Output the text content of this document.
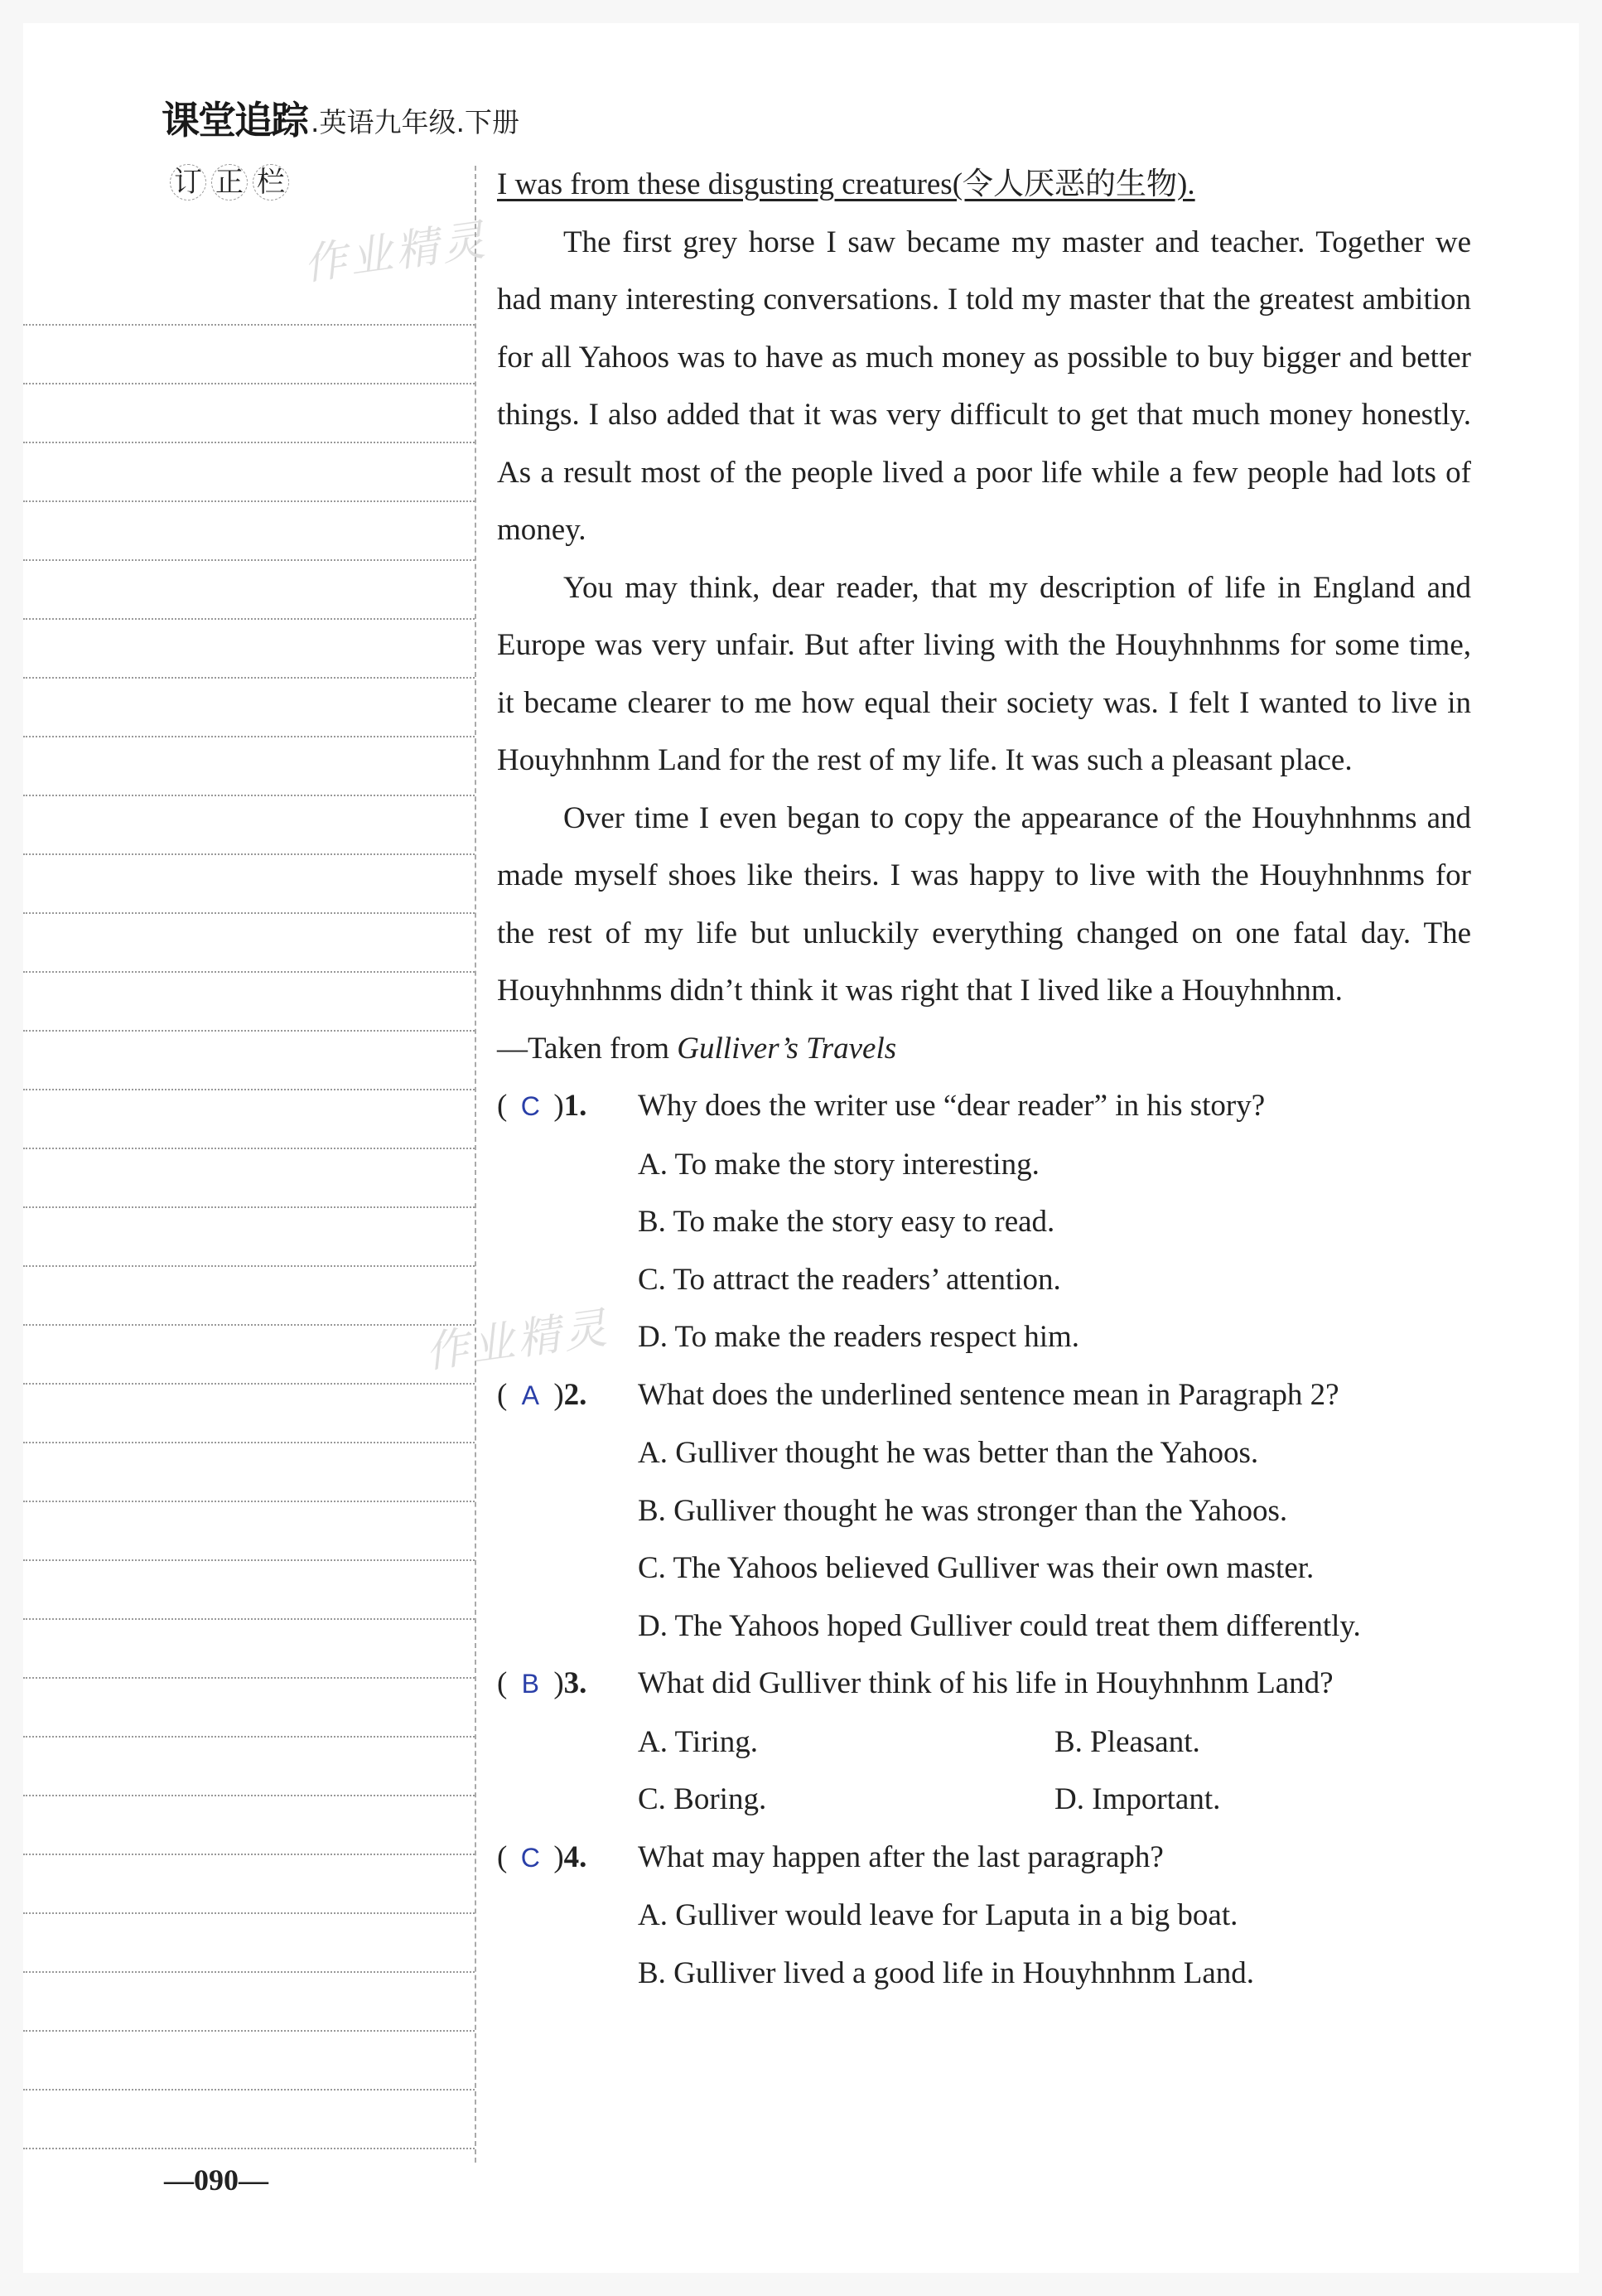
课堂追踪 .英语九年级.下册
订 正 栏
作业精灵
作业精灵

I was from these disgusting creatures(令人厌恶的生物).

The first grey horse I saw became my master and teacher. Together we had many interesting conversations. I told my master that the greatest ambition for all Yahoos was to have as much money as possible to buy bigger and better things. I also added that it was very difficult to get that much money honestly. As a result most of the people lived a poor life while a few people had lots of money.

You may think, dear reader, that my description of life in England and Europe was very unfair. But after living with the Houyhnhnms for some time, it became clearer to me how equal their society was. I felt I wanted to live in Houyhnhnm Land for the rest of my life. It was such a pleasant place.

Over time I even began to copy the appearance of the Houyhnhnms and made myself shoes like theirs. I was happy to live with the Houyhnhnms for the rest of my life but unluckily everything changed on one fatal day. The Houyhnhnms didn’t think it was right that I lived like a Houyhnhnm.

—Taken from Gulliver’s Travels

( C )1.	Why does the writer use “dear reader” in his story?
A. To make the story interesting.
B. To make the story easy to read.
C. To attract the readers’ attention.
D. To make the readers respect him.
( A )2.	What does the underlined sentence mean in Paragraph 2?
A. Gulliver thought he was better than the Yahoos.
B. Gulliver thought he was stronger than the Yahoos.
C. The Yahoos believed Gulliver was their own master.
D. The Yahoos hoped Gulliver could treat them differently.
( B )3.	What did Gulliver think of his life in Houyhnhnm Land?
A. Tiring.	B. Pleasant.
C. Boring.	D. Important.
( C )4.	What may happen after the last paragraph?
A. Gulliver would leave for Laputa in a big boat.
B. Gulliver lived a good life in Houyhnhnm Land.
—090—
